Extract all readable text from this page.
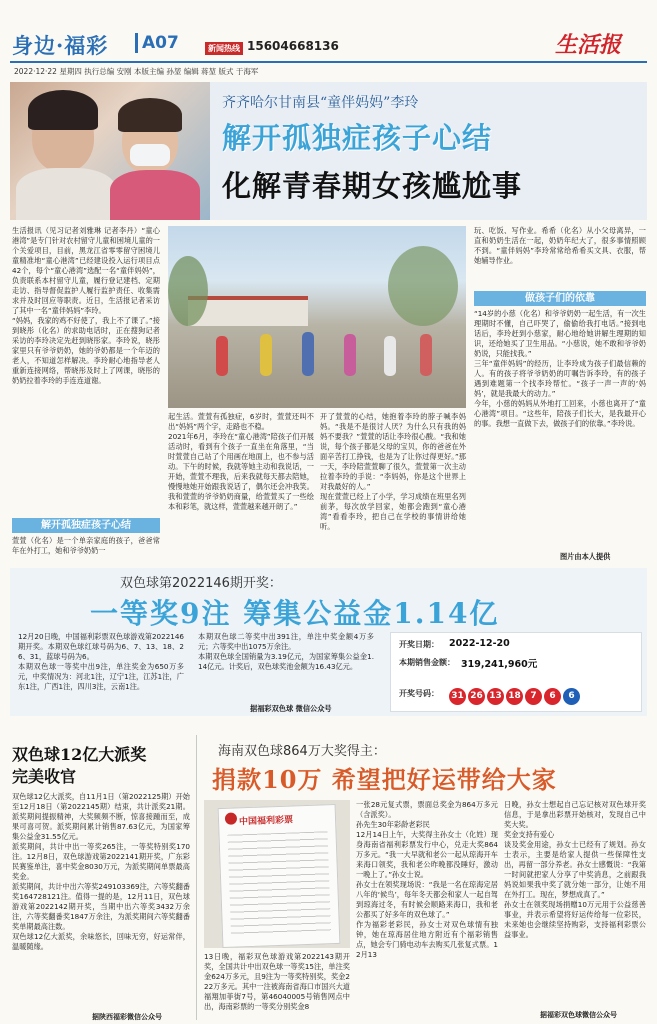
身边·福彩	A07	新闻热线 15604668136	生活报
2022·12·22 星期四 执行总编 安刚 本版主编 孙堃 编辑 蒋堃 版式 于海军
齐齐哈尔甘南县“童伴妈妈”李玲
解开孤独症孩子心结
化解青春期女孩尴尬事

生活报讯（见习记者刘雅琳 记者李丹）“童心港湾”是专门针对农村留守儿童和困境儿童的一个关爱项目，目前，黑龙江省零零留守困境儿童精准地“童心港湾”已经建设投入运行项目点42个，每个“童心港湾”选配一名“童伴妈妈”，负责联系本村留守儿童，履行登记建档、定期走访、指导督促监护人履行监护责任、收集需求并及时回应等职责。近日，生活报记者采访了其中一名“童伴妈妈”李玲。
“妈妈，我家的鸡不好使了，我上不了课了。”接到晓彤（化名）的求助电话时，正在搜狗记者采访的李玲决定先赶到晓彤家。李玲说，晓彤家里只有爷爷奶奶，她的爷奶都是一个年迈的老人，不知道怎样解决。李玲耐心地指导老人重新连接网络，帮晓彤及时上了网课，晓彤的奶奶拉着李玲的手连连道谢。

解开孤独症孩子心结

萱萱（化名）是一个单亲家庭的孩子，爸爸常年在外打工，她和爷爷奶奶一

起生活。萱萱有孤独症，6岁时，萱萱还叫不出“妈妈”两个字，走路也不稳。
2021年6月，李玲在“童心港湾”陪孩子们开展活动时，看到有个孩子一直坐在角落里，“当时萱萱自己站了个用画在地面上，也不参与活动。下午的时候，我就等她主动和我说话，一开始，萱萱不理我，后来我就每天都去陪她，慢慢地她开始跟我说话了，偶尔还会冲我笑。我和萱萱的爷爷奶奶商量，给萱萱买了一些绘本和彩笔，就这样，萱萱越来越开朗了。”

开了萱萱的心结，她抱着李玲的脖子喊李妈妈。“我是不是很讨人厌？为什么只有我的妈妈不要我？”萱萱的话让李玲很心酸。“我和她说，每个孩子都是父母的宝贝，你的爸爸在外面辛苦打工挣钱，也是为了让你过得更好。”那一天，李玲陪萱萱聊了很久，萱萱第一次主动拉着李玲的手说：“李妈妈，你是这个世界上对我最好的人。”
现在萱萱已经上了小学，学习成绩在班里名列前茅，每次放学回家，她都会跑到“童心港湾”看看李玲，把自己在学校的事情讲给她听。

玩、吃饭、写作业。希希（化名）从小父母离异，一直和奶奶生活在一起，奶奶年纪大了，很多事情照顾不到。“童伴妈妈”李玲常常给希希买文具、衣服，帮她辅导作业。

做孩子们的依靠

“14岁的小慈（化名）和爷爷奶奶一起生活，有一次生理期时不懂，自己吓哭了，偷偷给我打电话。”接到电话后，李玲赶到小慈家，耐心地给她讲解生理期的知识，还给她买了卫生用品。“小慈说，她不敢和爷爷奶奶说，只能找我。”
三年“童伴妈妈”的经历，让李玲成为孩子们最信赖的人。有的孩子将爷爷奶奶的叮嘱告诉李玲，有的孩子遇到难题第一个找李玲帮忙。“孩子一声一声的‘妈妈’，就是我最大的动力。”
今年，小慈的妈妈从外地打工回来，小慈也离开了“童心港湾”项目。“这些年，陪孩子们长大，是我最开心的事。我想一直做下去，做孩子们的依靠。”李玲说。

图片由本人提供
双色球第2022146期开奖：
一等奖9注 筹集公益金1.14亿

12月20日晚，中国福利彩票双色球游戏第2022146期开奖。本期双色球红球号码为6、7、13、18、26、31，蓝球号码为6。
本期双色球一等奖中出9注，单注奖金为650万多元，中奖情况为：河北1注，辽宁1注，江苏1注，广东1注，广西1注，四川3注，云南1注。

本期双色球二等奖中出391注，单注中奖金额4万多元；六等奖中出1075万余注。
本期双色球全国销量为3.19亿元，为国家筹集公益金1.14亿元。计奖后，双色球奖池金额为16.43亿元。

据福彩双色球 微信公众号
开奖日期： 2022-12-20
本期销售金额： 319,241,960元
开奖号码： 31 26 13 18 7 6 6
双色球12亿大派奖
完美收官

双色球12亿大派奖，自11月1日（第2022125期）开始至12月18日（第2022145期）结束，共计派奖21期。派奖期间提振精神，大奖频频不断，惊喜接踵而至，成果可喜可贺。派奖期间累计销售87.63亿元，为国家筹集公益金31.55亿元。
派奖期间，共计中出一等奖265注，一等奖特别奖170注。12月8日，双色球游戏第2022141期开奖，广东彩民赛鉴单注，喜中奖金8030万元，为派奖期间单票最高奖金。
派奖期间，共计中出六等奖249103369注，六等奖翻番奖164728121注。值得一提的是，12月11日，双色球游戏第2022142期开奖，当期中出六等奖3432万余注，六等奖翻番奖1847万余注，为派奖期间六等奖翻番奖单期最高注数。
双色球12亿大派奖，余味悠长，回味无穷，好运常伴，温暖随缘。

据陕西福彩微信公众号
海南双色球864万大奖得主：
捐款10万 希望把好运带给大家
中国福利彩票

13日晚，福彩双色球游戏第2022143期开奖，全国共计中出双色球一等奖15注，单注奖金624万多元，且9注为一等奖特别奖，奖金222万多元。其中一注被海南省海口市国兴大道福翔加菲街7号，第46040005号销售网点中出，海南彩票的一等奖分别奖金8

一张28元复式票，票面总奖金为864万多元（含派奖）。
孙先生30年彩龄老彩民
12月14日上午，大奖得主孙女士（化姓）现身海南省福利彩票发行中心，兑走大奖864万多元。“我一大早就和老公一起从琼海开车来海口领奖，我和老公昨晚都没睡好，激动一晚上了。”孙女士说。
孙女士在领奖现场说：“我是一名在琼海定居八年的‘候鸟’，每年冬天都会和家人一起自驾到琼海过冬，有时候会顺路来海口，我和老公都买了好多年的双色球了。”
作为福彩老彩民，孙女士对双色球情有独钟，她在琼海居住地方附近有个福彩销售点，她会专门骑电动车去购买几张复式票。12月13

日晚，孙女士想起自己忘记核对双色球开奖信息，于是拿出彩票开始核对，发现自己中奖大奖。
奖金支持有爱心
谈及奖金用途，孙女士已经有了规划。孙女士表示，主要是给家人提供一些保障性支出，再留一部分养老。孙女士感慨说：“我第一时间就把家人分享了中奖消息，之前跟我妈说如果我中奖了就分她一部分，让她不用在外打工。现在，梦想成真了。”
孙女士在领奖现场捐赠10万元用于公益慈善事业，并表示希望将好运传给每一位彩民，未来她也会继续坚持购彩，支持福利彩票公益事业。

据福彩双色球微信公众号
